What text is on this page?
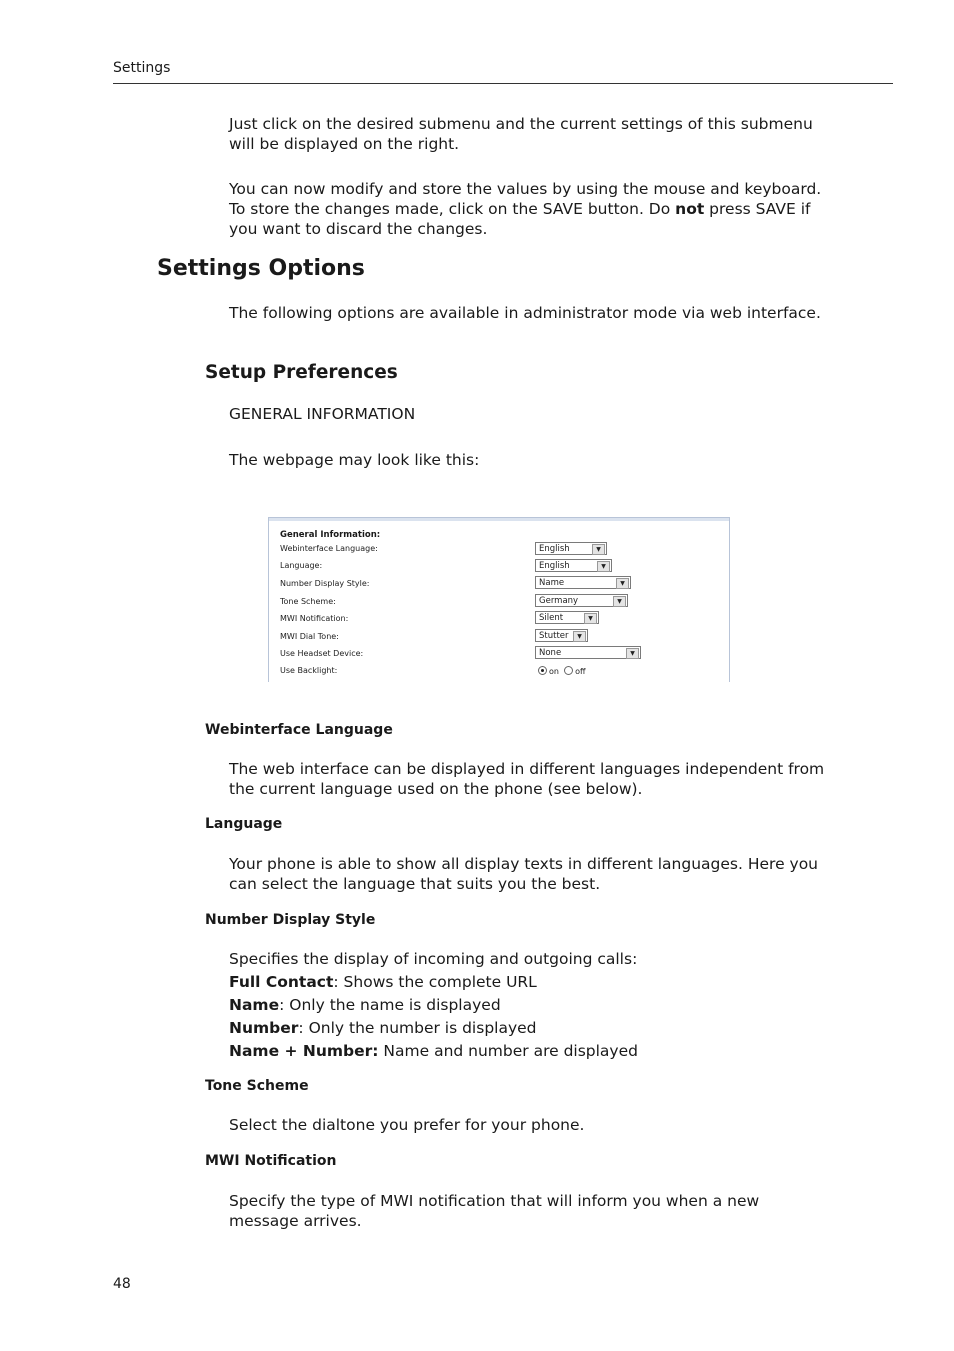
Settings
Just click on the desired submenu and the current settings of this submenu will be displayed on the right.
You can now modify and store the values by using the mouse and keyboard. To store the changes made, click on the SAVE button. Do not press SAVE if you want to discard the changes.
Settings Options
The following options are available in administrator mode via web interface.
Setup Preferences
GENERAL INFORMATION
The webpage may look like this:
General Information:
Webinterface Language:	English	▼
Language:	English	▼
Number Display Style:	Name	▼
Tone Scheme:	Germany	▼
MWI Notification:	Silent	▼
MWI Dial Tone:	Stutter	▼
Use Headset Device:	None	▼
Use Backlight:	on off
Webinterface Language
The web interface can be displayed in different languages independent from the current language used on the phone (see below).
Language
Your phone is able to show all display texts in different languages. Here you can select the language that suits you the best.
Number Display Style
Specifies the display of incoming and outgoing calls:
Full Contact: Shows the complete URL
Name: Only the name is displayed
Number: Only the number is displayed
Name + Number: Name and number are displayed
Tone Scheme
Select the dialtone you prefer for your phone.
MWI Notification
Specify the type of MWI notification that will inform you when a new message arrives.
48
